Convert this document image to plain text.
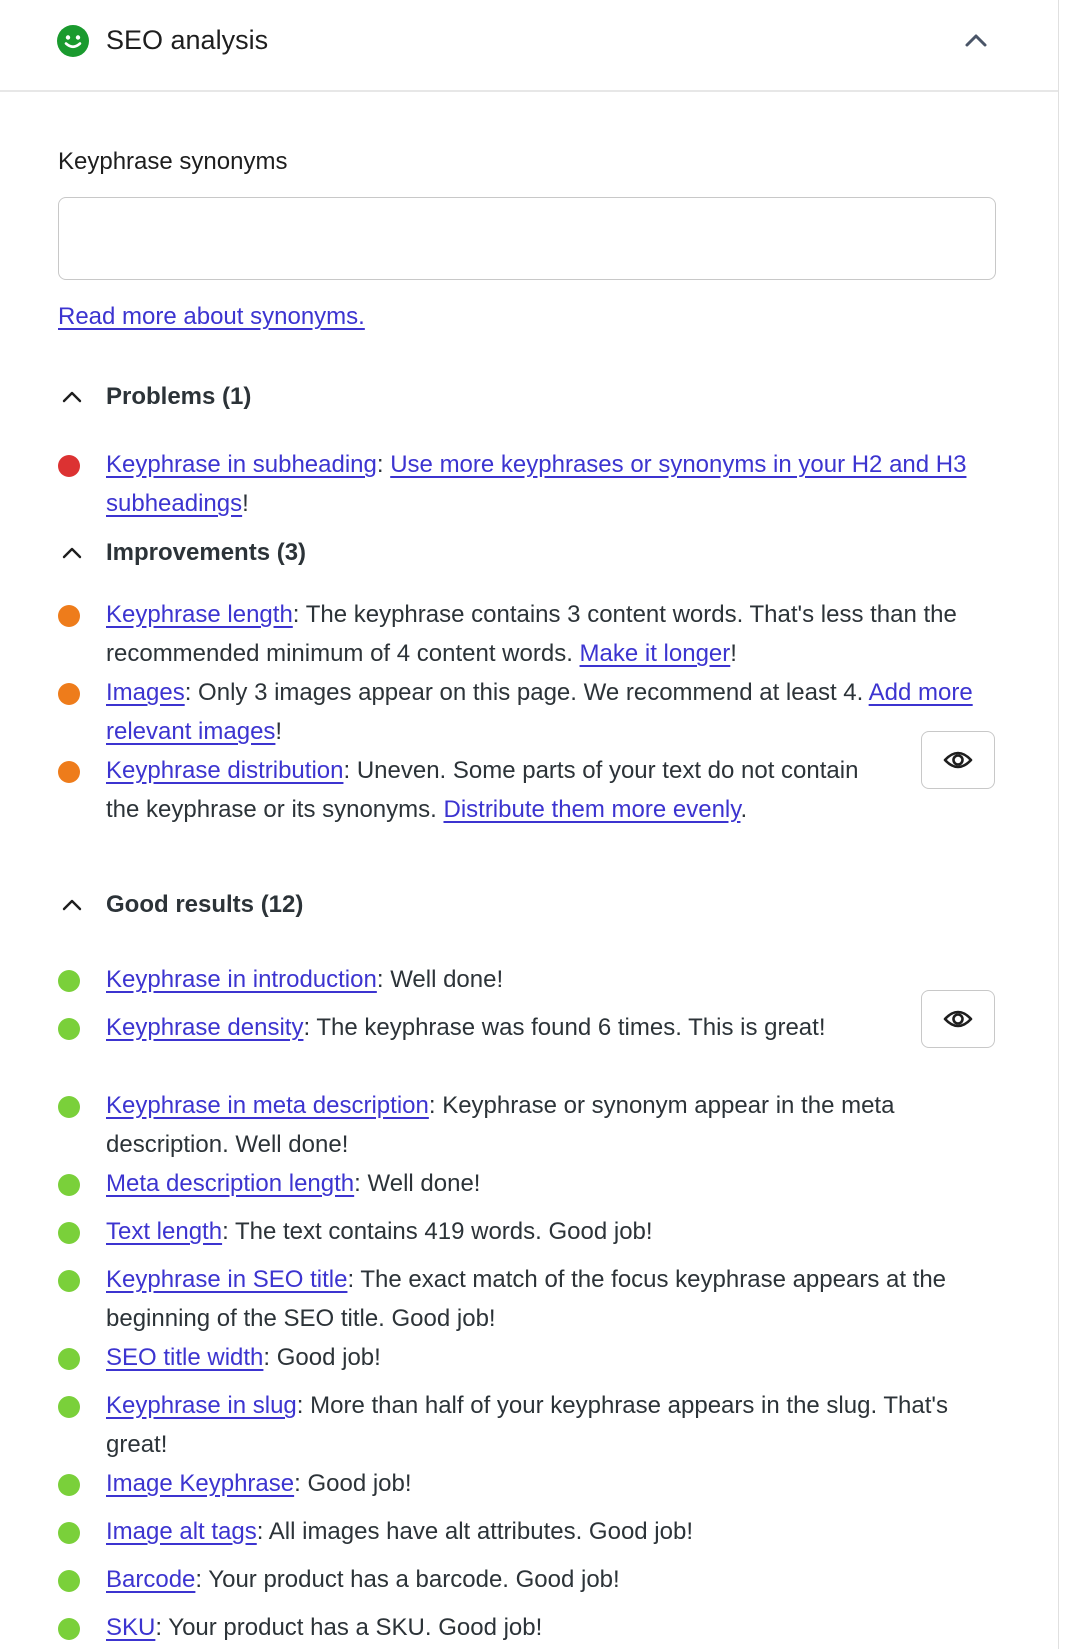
SEO analysis
Keyphrase synonyms
Read more about synonyms.
Problems (1)
Keyphrase in subheading: Use more keyphrases or synonyms in your H2 and H3 subheadings!
Improvements (3)
Keyphrase length: The keyphrase contains 3 content words. That's less than the recommended minimum of 4 content words. Make it longer!
Images: Only 3 images appear on this page. We recommend at least 4. Add more relevant images!
Keyphrase distribution: Uneven. Some parts of your text do not contain the keyphrase or its synonyms. Distribute them more evenly.
Good results (12)
Keyphrase in introduction: Well done!
Keyphrase density: The keyphrase was found 6 times. This is great!
Keyphrase in meta description: Keyphrase or synonym appear in the meta description. Well done!
Meta description length: Well done!
Text length: The text contains 419 words. Good job!
Keyphrase in SEO title: The exact match of the focus keyphrase appears at the beginning of the SEO title. Good job!
SEO title width: Good job!
Keyphrase in slug: More than half of your keyphrase appears in the slug. That's great!
Image Keyphrase: Good job!
Image alt tags: All images have alt attributes. Good job!
Barcode: Your product has a barcode. Good job!
SKU: Your product has a SKU. Good job!
